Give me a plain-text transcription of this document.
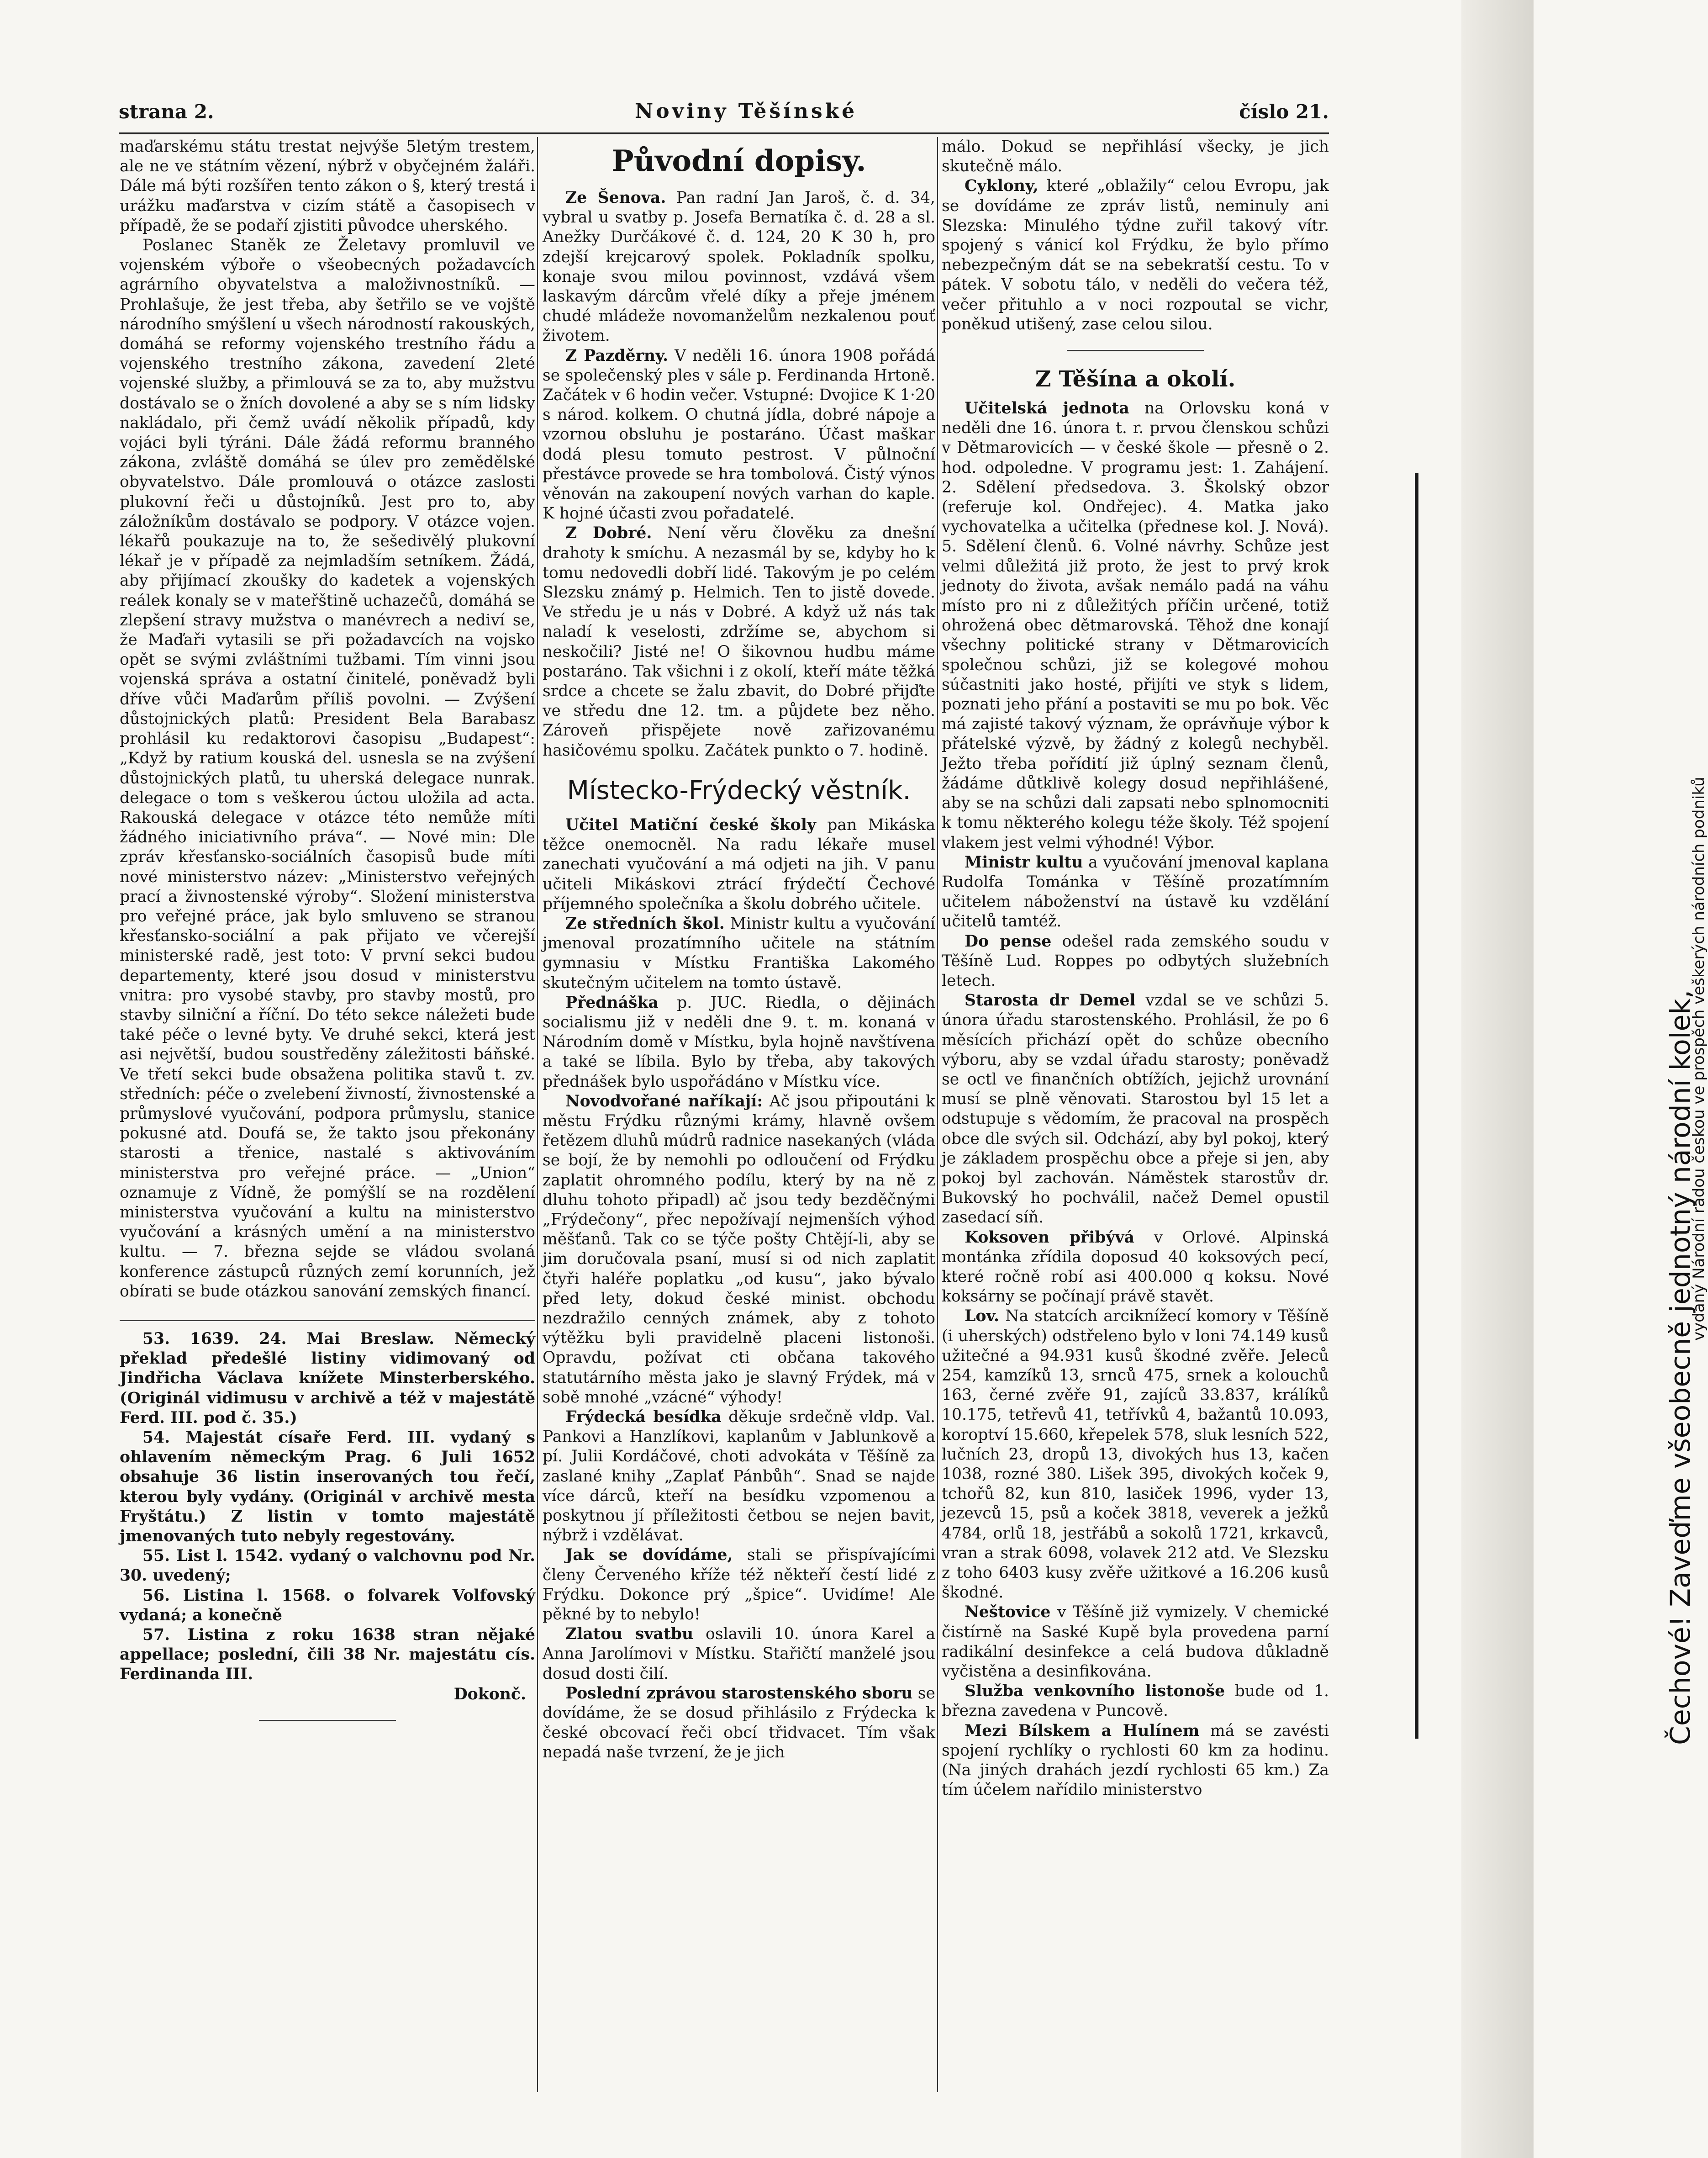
strana 2.	Noviny Těšínské	číslo 21.

maďarskému státu trestat nejvýše 5letým trestem, ale ne ve státním vězení, nýbrž v obyčejném žaláři. Dále má býti rozšířen tento zákon o §, který trestá i urážku maďarstva v cizím státě a časopisech v případě, že se podaří zjistiti původce uherského.

Poslanec Staněk ze Želetavy promluvil ve vojenském výboře o všeobecných požadavcích agrárního obyvatelstva a maloživnostníků. — Prohlašuje, že jest třeba, aby šetřilo se ve vojště národního smýšlení u všech národností rakouských, domáhá se reformy vojenského trestního řádu a vojenského trestního zákona, zavedení 2leté vojenské služby, a přimlouvá se za to, aby mužstvu dostávalo se o žních dovolené a aby se s ním lidsky nakládalo, při čemž uvádí několik případů, kdy vojáci byli týráni. Dále žádá reformu branného zákona, zvláště domáhá se úlev pro zemědělské obyvatelstvo. Dále promlouvá o otázce zaslosti plukovní řeči u důstojníků. Jest pro to, aby záložníkům dostávalo se podpory. V otázce vojen. lékařů poukazuje na to, že sešedivělý plukovní lékař je v případě za nejmladším setníkem. Žádá, aby přijímací zkoušky do kadetek a vojenských reálek konaly se v mateřštině uchazečů, domáhá se zlepšení stravy mužstva o manévrech a nediví se, že Maďaři vytasili se při požadavcích na vojsko opět se svými zvláštními tužbami. Tím vinni jsou vojenská správa a ostatní činitelé, poněvadž byli dříve vůči Maďarům příliš povolni. — Zvýšení důstojnických platů: President Bela Barabasz prohlásil ku redaktorovi časopisu „Budapest“: „Když by ratium kouská del. usnesla se na zvýšení důstojnických platů, tu uherská delegace nunrak. delegace o tom s veškerou úctou uložila ad acta. Rakouská delegace v otázce této nemůže míti žádného iniciativního práva“. — Nové min: Dle zpráv křesťansko-sociálních časopisů bude míti nové ministerstvo název: „Ministerstvo veřejných prací a živnostenské výroby“. Složení ministerstva pro veřejné práce, jak bylo smluveno se stranou křesťansko-sociální a pak přijato ve včerejší ministerské radě, jest toto: V první sekci budou departementy, které jsou dosud v ministerstvu vnitra: pro vysobé stavby, pro stavby mostů, pro stavby silniční a říční. Do této sekce náležeti bude také péče o levné byty. Ve druhé sekci, která jest asi největší, budou soustředěny záležitosti báňské. Ve třetí sekci bude obsažena politika stavů t. zv. středních: péče o zvelebení živností, živnostenské a průmyslové vyučování, podpora průmyslu, stanice pokusné atd. Doufá se, že takto jsou překonány starosti a třenice, nastalé s aktivováním ministerstva pro veřejné práce. — „Union“ oznamuje z Vídně, že pomýšlí se na rozdělení ministerstva vyučování a kultu na ministerstvo vyučování a krásných umění a na ministerstvo kultu. — 7. března sejde se vládou svolaná konference zástupců různých zemí korunních, jež obírati se bude otázkou sanování zemských financí.

53. 1639. 24. Mai Breslaw. Německý překlad předešlé listiny vidimovaný od Jindřicha Václava knížete Minsterberského. (Originál vidimusu v archivě a též v majestátě Ferd. III. pod č. 35.)

54. Majestát císaře Ferd. III. vydaný s ohlavením německým Prag. 6 Juli 1652 obsahuje 36 listin inserovaných tou řečí, kterou byly vydány. (Originál v archivě mesta Fryštátu.) Z listin v tomto majestátě jmenovaných tuto nebyly regestovány.

55. List l. 1542. vydaný o valchovnu pod Nr. 30. uvedený;

56. Listina l. 1568. o folvarek Volfovský vydaná; a konečně

57. Listina z roku 1638 stran nějaké appellace; poslední, čili 38 Nr. majestátu cís. Ferdinanda III.

Dokonč.

Původní dopisy.

Ze Šenova. Pan radní Jan Jaroš, č. d. 34, vybral u svatby p. Josefa Bernatíka č. d. 28 a sl. Anežky Durčákové č. d. 124, 20 K 30 h, pro zdejší krejcarový spolek. Pokladník spolku, konaje svou milou povinnost, vzdává všem laskavým dárcům vřelé díky a přeje jménem chudé mládeže novomanželům nezkalenou pouť životem.

Z Pazděrny. V neděli 16. února 1908 pořádá se společenský ples v sále p. Ferdinanda Hrtoně. Začátek v 6 hodin večer. Vstupné: Dvojice K 1·20 s národ. kolkem. O chutná jídla, dobré nápoje a vzornou obsluhu je postaráno. Účast maškar dodá plesu tomuto pestrost. V půlnoční přestávce provede se hra tombolová. Čistý výnos věnován na zakoupení nových varhan do kaple. K hojné účasti zvou pořadatelé.

Z Dobré. Není věru člověku za dnešní drahoty k smíchu. A nezasmál by se, kdyby ho k tomu nedovedli dobří lidé. Takovým je po celém Slezsku známý p. Helmich. Ten to jistě dovede. Ve středu je u nás v Dobré. A když už nás tak naladí k veselosti, zdržíme se, abychom si neskočili? Jisté ne! O šikovnou hudbu máme postaráno. Tak všichni i z okolí, kteří máte těžká srdce a chcete se žalu zbavit, do Dobré přijďte ve středu dne 12. tm. a půjdete bez něho. Zároveň přispějete nově zařizovanému hasičovému spolku. Začátek punkto o 7. hodině.

Místecko-Frýdecký věstník.

Učitel Matiční české školy pan Mikáska těžce onemocněl. Na radu lékaře musel zanechati vyučování a má odjeti na jih. V panu učiteli Mikáskovi ztrácí frýdečtí Čechové příjemného společníka a školu dobrého učitele.

Ze středních škol. Ministr kultu a vyučování jmenoval prozatímního učitele na státním gymnasiu v Místku Františka Lakomého skutečným učitelem na tomto ústavě.

Přednáška p. JUC. Riedla, o dějinách socialismu již v neděli dne 9. t. m. konaná v Národním domě v Místku, byla hojně navštívena a také se líbila. Bylo by třeba, aby takových přednášek bylo uspořádáno v Místku více.

Novodvořané naříkají: Ač jsou připoutáni k městu Frýdku různými krámy, hlavně ovšem řetězem dluhů múdrů radnice nasekaných (vláda se bojí, že by nemohli po odloučení od Frýdku zaplatit ohromného podílu, který by na ně z dluhu tohoto připadl) ač jsou tedy bezděčnými „Frýdečony“, přec nepožívají nejmenších výhod měšťanů. Tak co se týče pošty Chtějí-li, aby se jim doručovala psaní, musí si od nich zaplatit čtyři haléře poplatku „od kusu“, jako bývalo před lety, dokud české minist. obchodu nezdražilo cenných známek, aby z tohoto výtěžku byli pravidelně placeni listonoši. Opravdu, požívat cti občana takového statutárního města jako je slavný Frýdek, má v sobě mnohé „vzácné“ výhody!

Frýdecká besídka děkuje srdečně vldp. Val. Pankovi a Hanzlíkovi, kaplanům v Jablunkově a pí. Julii Kordáčové, choti advokáta v Těšíně za zaslané knihy „Zaplať Pánbůh“. Snad se najde více dárců, kteří na besídku vzpomenou a poskytnou jí příležitosti četbou se nejen bavit, nýbrž i vzdělávat.

Jak se dovídáme, stali se přispívajícími členy Červeného kříže též někteří čestí lidé z Frýdku. Dokonce prý „špice“. Uvidíme! Ale pěkné by to nebylo!

Zlatou svatbu oslavili 10. února Karel a Anna Jarolímovi v Místku. Stařičtí manželé jsou dosud dosti čilí.

Poslední zprávou starostenského sboru se dovídáme, že se dosud přihlásilo z Frýdecka k české obcovací řeči obcí třidvacet. Tím však nepadá naše tvrzení, že je jich

málo. Dokud se nepřihlásí všecky, je jich skutečně málo.

Cyklony, které „oblažily“ celou Evropu, jak se dovídáme ze zpráv listů, neminuly ani Slezska: Minulého týdne zuřil takový vítr. spojený s vánicí kol Frýdku, že bylo přímo nebezpečným dát se na sebekratší cestu. To v pátek. V sobotu tálo, v neděli do večera též, večer přituhlo a v noci rozpoutal se vichr, poněkud utišený, zase celou silou.

Z Těšína a okolí.

Učitelská jednota na Orlovsku koná v neděli dne 16. února t. r. prvou členskou schůzi v Dětmarovicích — v české škole — přesně o 2. hod. odpoledne. V programu jest: 1. Zahájení. 2. Sdělení předsedova. 3. Školský obzor (referuje kol. Ondřejec). 4. Matka jako vychovatelka a učitelka (přednese kol. J. Nová). 5. Sdělení členů. 6. Volné návrhy. Schůze jest velmi důležitá již proto, že jest to prvý krok jednoty do života, avšak nemálo padá na váhu místo pro ni z důležitých příčin určené, totiž ohrožená obec dětmarovská. Těhož dne konají všechny politické strany v Dětmarovicích společnou schůzi, již se kolegové mohou súčastniti jako hosté, přijíti ve styk s lidem, poznati jeho přání a postaviti se mu po bok. Věc má zajisté takový význam, že oprávňuje výbor k přátelské výzvě, by žádný z kolegů nechyběl. Ježto třeba pořídití již úplný seznam členů, žádáme důtklivě kolegy dosud nepřihlášené, aby se na schůzi dali zapsati nebo splnomocniti k tomu některého kolegu téže školy. Též spojení vlakem jest velmi výhodné! Výbor.

Ministr kultu a vyučování jmenoval kaplana Rudolfa Tománka v Těšíně prozatímním učitelem náboženství na ústavě ku vzdělání učitelů tamtéž.

Do pense odešel rada zemského soudu v Těšíně Lud. Roppes po odbytých služebních letech.

Starosta dr Demel vzdal se ve schůzi 5. února úřadu starostenského. Prohlásil, že po 6 měsících přichází opět do schůze obecního výboru, aby se vzdal úřadu starosty; poněvadž se octl ve finančních obtížích, jejichž urovnání musí se plně věnovati. Starostou byl 15 let a odstupuje s vědomím, že pracoval na prospěch obce dle svých sil. Odchází, aby byl pokoj, který je základem prospěchu obce a přeje si jen, aby pokoj byl zachován. Náměstek starostův dr. Bukovský ho pochválil, načež Demel opustil zasedací síň.

Koksoven přibývá v Orlové. Alpinská montánka zřídila doposud 40 koksových pecí, které ročně robí asi 400.000 q koksu. Nové koksárny se počínají právě stavět.

Lov. Na statcích arciknížecí komory v Těšíně (i uherských) odstřeleno bylo v loni 74.149 kusů užitečné a 94.931 kusů škodné zvěře. Jeleců 254, kamzíků 13, srnců 475, srnek a kolouchů 163, černé zvěře 91, zajíců 33.837, králíků 10.175, tetřevů 41, tetřívků 4, bažantů 10.093, koroptví 15.660, křepelek 578, sluk lesních 522, lučních 23, dropů 13, divokých hus 13, kačen 1038, rozné 380. Lišek 395, divokých koček 9, tchořů 82, kun 810, lasiček 1996, vyder 13, jezevců 15, psů a koček 3818, veverek a ježků 4784, orlů 18, jestřábů a sokolů 1721, krkavců, vran a strak 6098, volavek 212 atd. Ve Slezsku z toho 6403 kusy zvěře užitkové a 16.206 kusů škodné.

Neštovice v Těšíně již vymizely. V chemické čistírně na Saské Kupě byla provedena parní radikální desinfekce a celá budova důkladně vyčistěna a desinfikována.

Služba venkovního listonoše bude od 1. března zavedena v Puncově.

Mezi Bílskem a Hulínem má se zavésti spojení rychlíky o rychlosti 60 km za hodinu. (Na jiných drahách jezdí rychlosti 65 km.) Za tím účelem nařídilo ministerstvo

Čechové! Zaveďme všeobecně jednotný národní kolek,
vydaný Národní radou českou ve prospěch veškerých národních podniků
